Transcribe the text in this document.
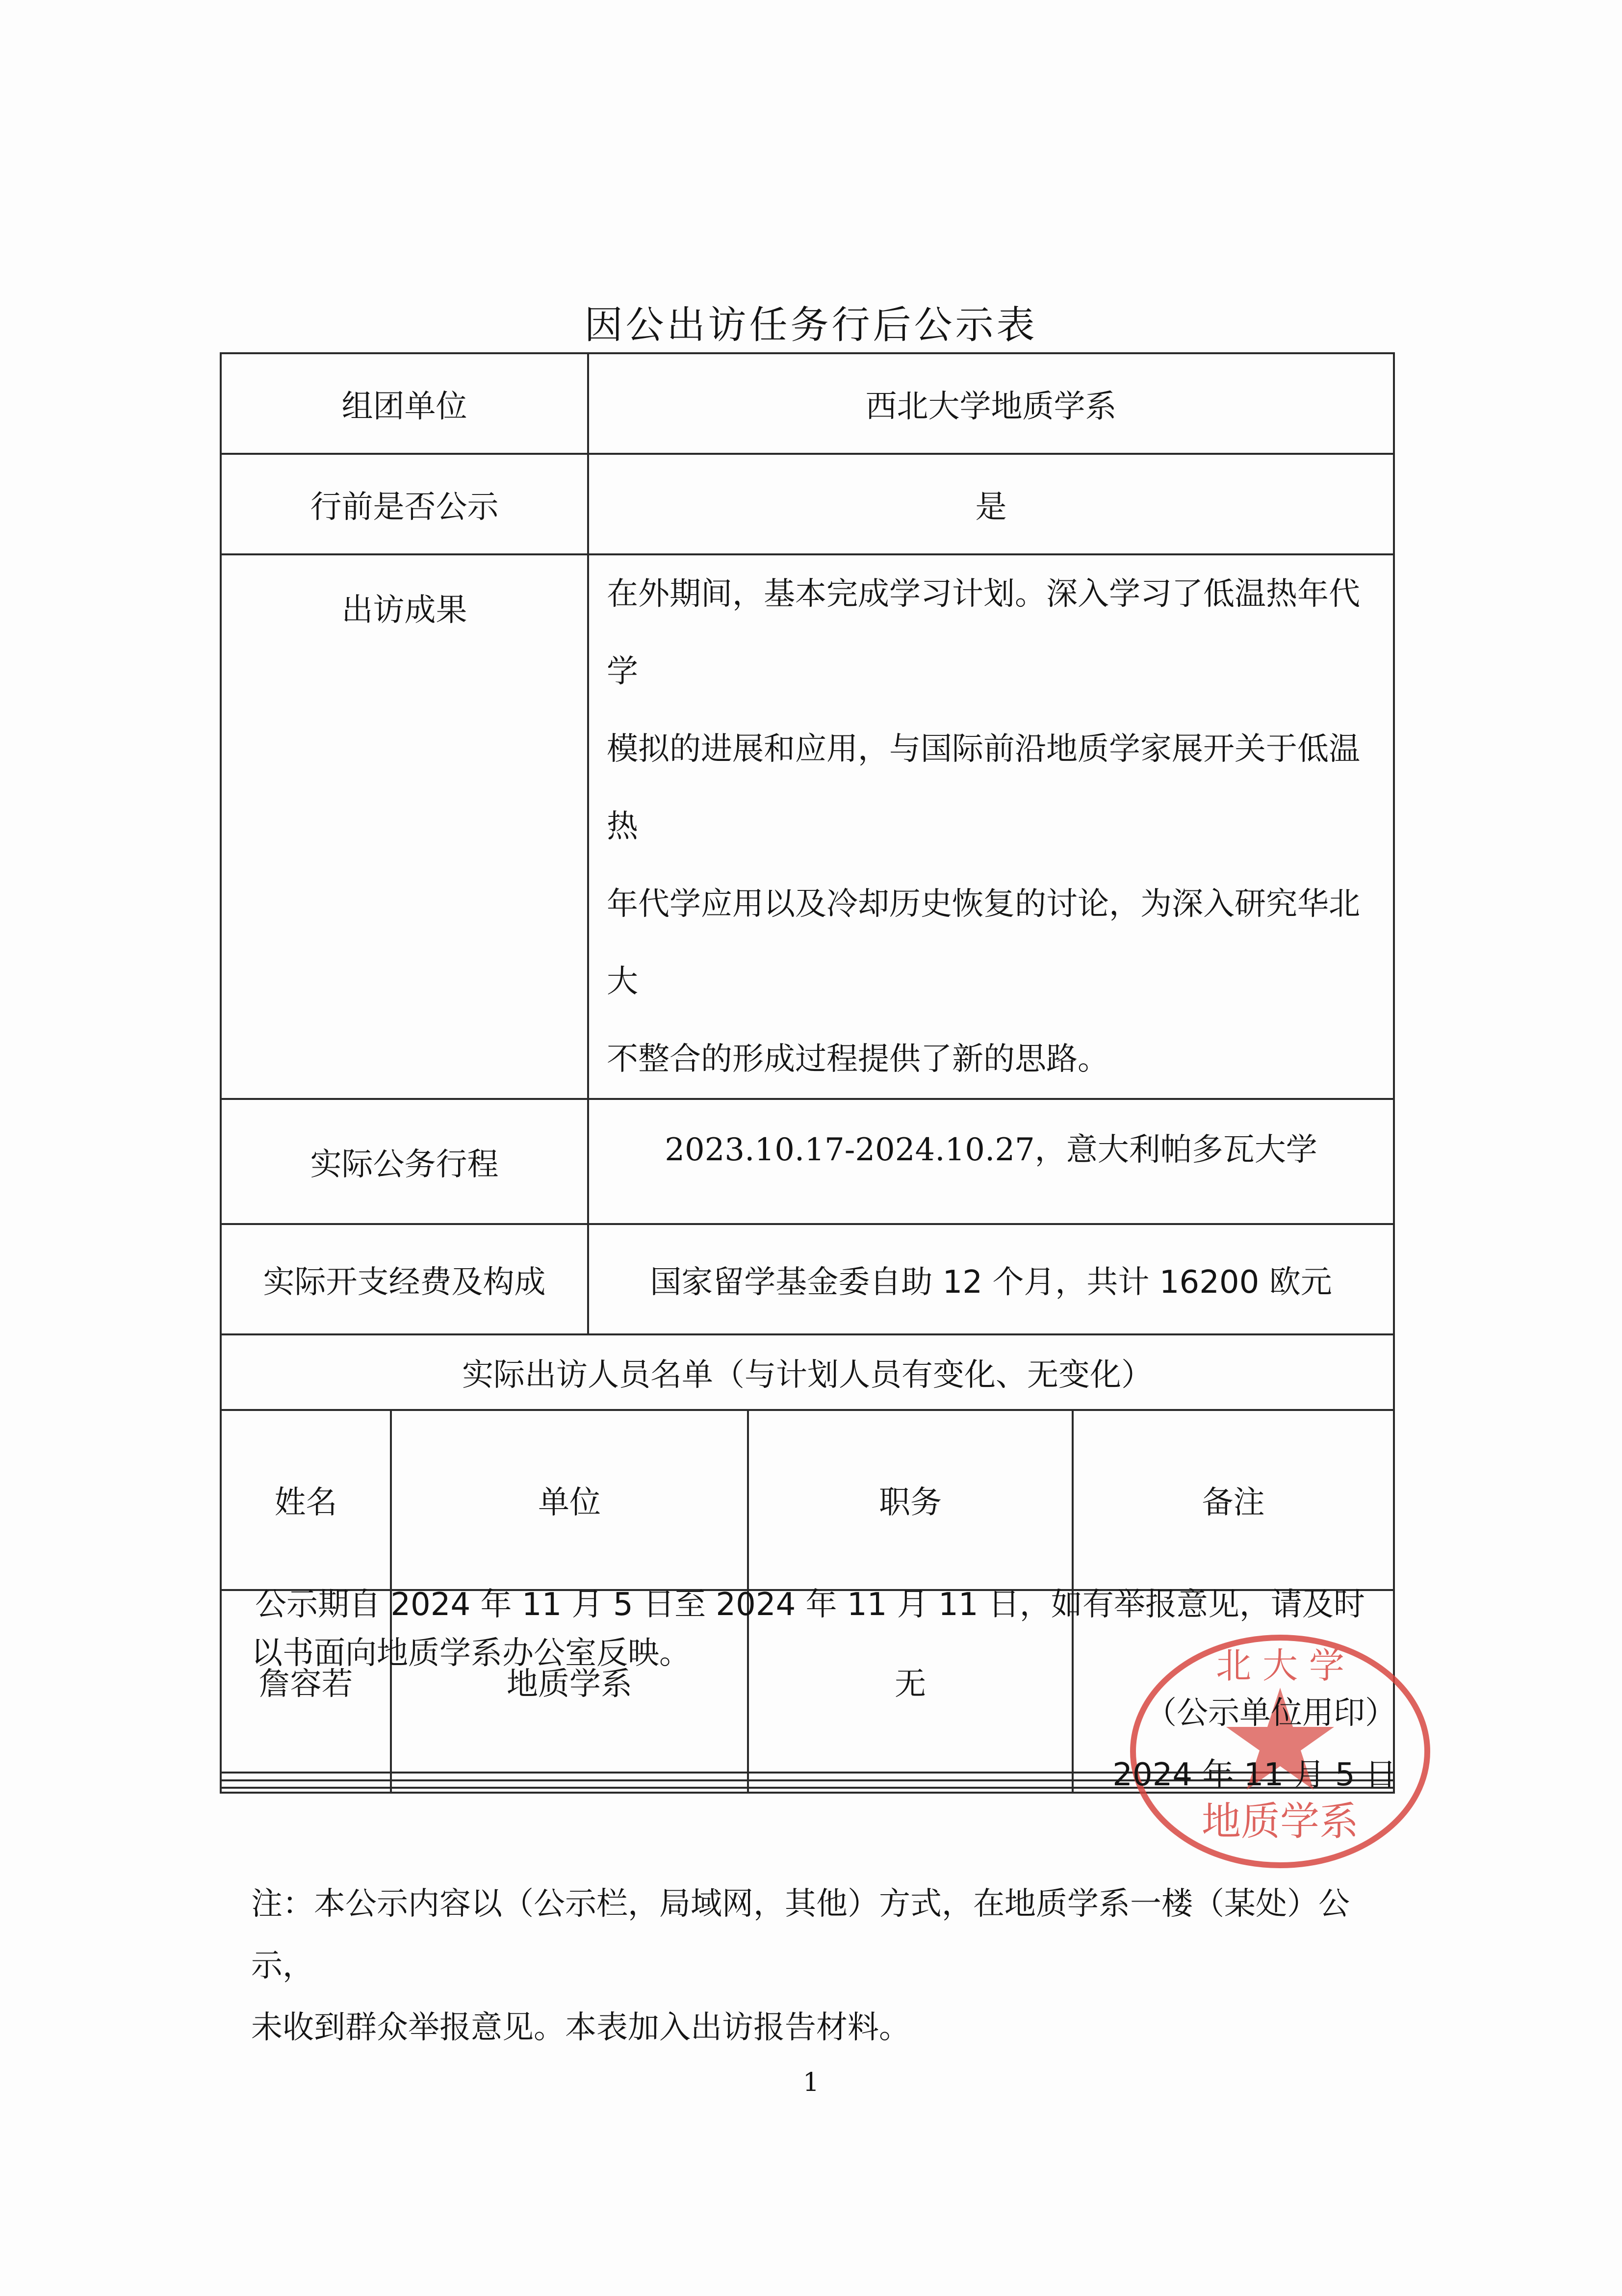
因公出访任务行后公示表
组团单位	西北大学地质学系
行前是否公示	是
出访成果	在外期间，基本完成学习计划。深入学习了低温热年代学
模拟的进展和应用，与国际前沿地质学家展开关于低温热
年代学应用以及冷却历史恢复的讨论，为深入研究华北大
不整合的形成过程提供了新的思路。

实际公务行程	2023.10.17-2024.10.27，意大利帕多瓦大学
实际开支经费及构成	国家留学基金委自助 12 个月，共计 16200 欧元
实际出访人员名单（与计划人员有变化、无变化）

姓名	单位	职务	备注
詹容若	地质学系	无	

公示期自 2024 年 11 月 5 日至 2024 年 11 月 11 日，如有举报意见，请及时
以书面向地质学系办公室反映。	北 大 学
地质学系
（公示单位用印）
2024 年 11 月 5 日
注：本公示内容以（公示栏，局域网，其他）方式，在地质学系一楼（某处）公示，
未收到群众举报意见。本表加入出访报告材料。
1
